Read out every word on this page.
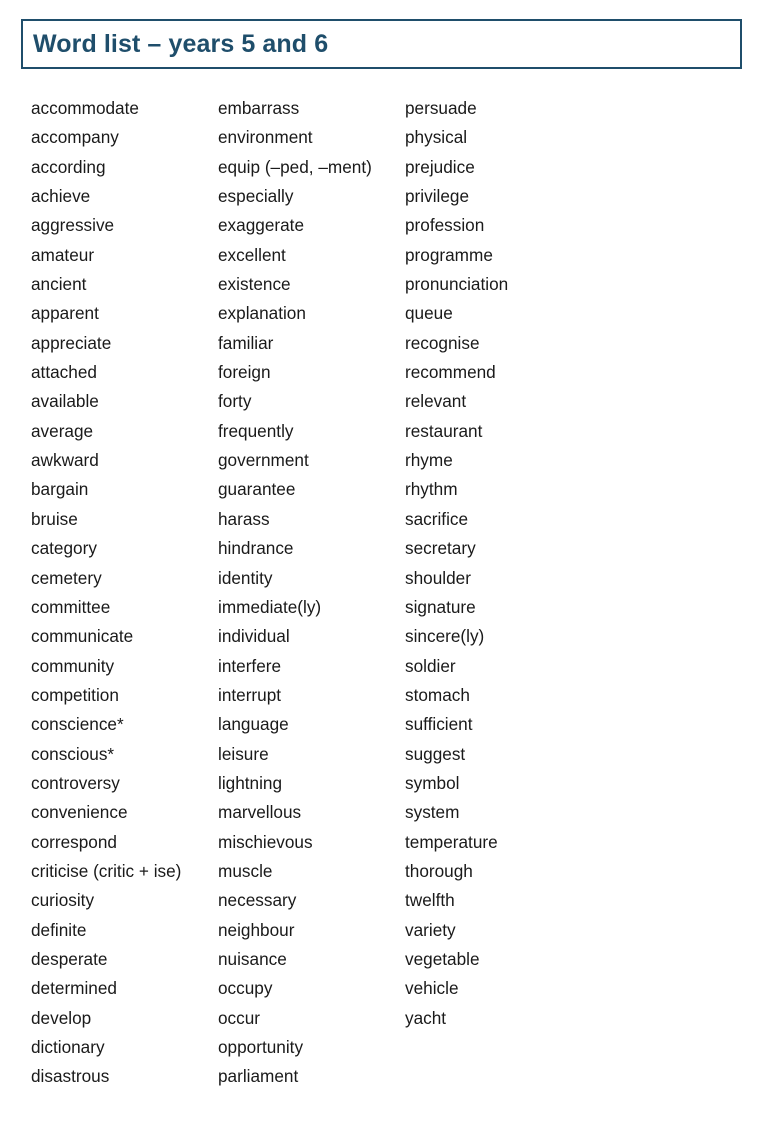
Word list – years 5 and 6
accommodate
accompany
according
achieve
aggressive
amateur
ancient
apparent
appreciate
attached
available
average
awkward
bargain
bruise
category
cemetery
committee
communicate
community
competition
conscience*
conscious*
controversy
convenience
correspond
criticise (critic + ise)
curiosity
definite
desperate
determined
develop
dictionary
disastrous
embarrass
environment
equip (–ped, –ment)
especially
exaggerate
excellent
existence
explanation
familiar
foreign
forty
frequently
government
guarantee
harass
hindrance
identity
immediate(ly)
individual
interfere
interrupt
language
leisure
lightning
marvellous
mischievous
muscle
necessary
neighbour
nuisance
occupy
occur
opportunity
parliament
persuade
physical
prejudice
privilege
profession
programme
pronunciation
queue
recognise
recommend
relevant
restaurant
rhyme
rhythm
sacrifice
secretary
shoulder
signature
sincere(ly)
soldier
stomach
sufficient
suggest
symbol
system
temperature
thorough
twelfth
variety
vegetable
vehicle
yacht
